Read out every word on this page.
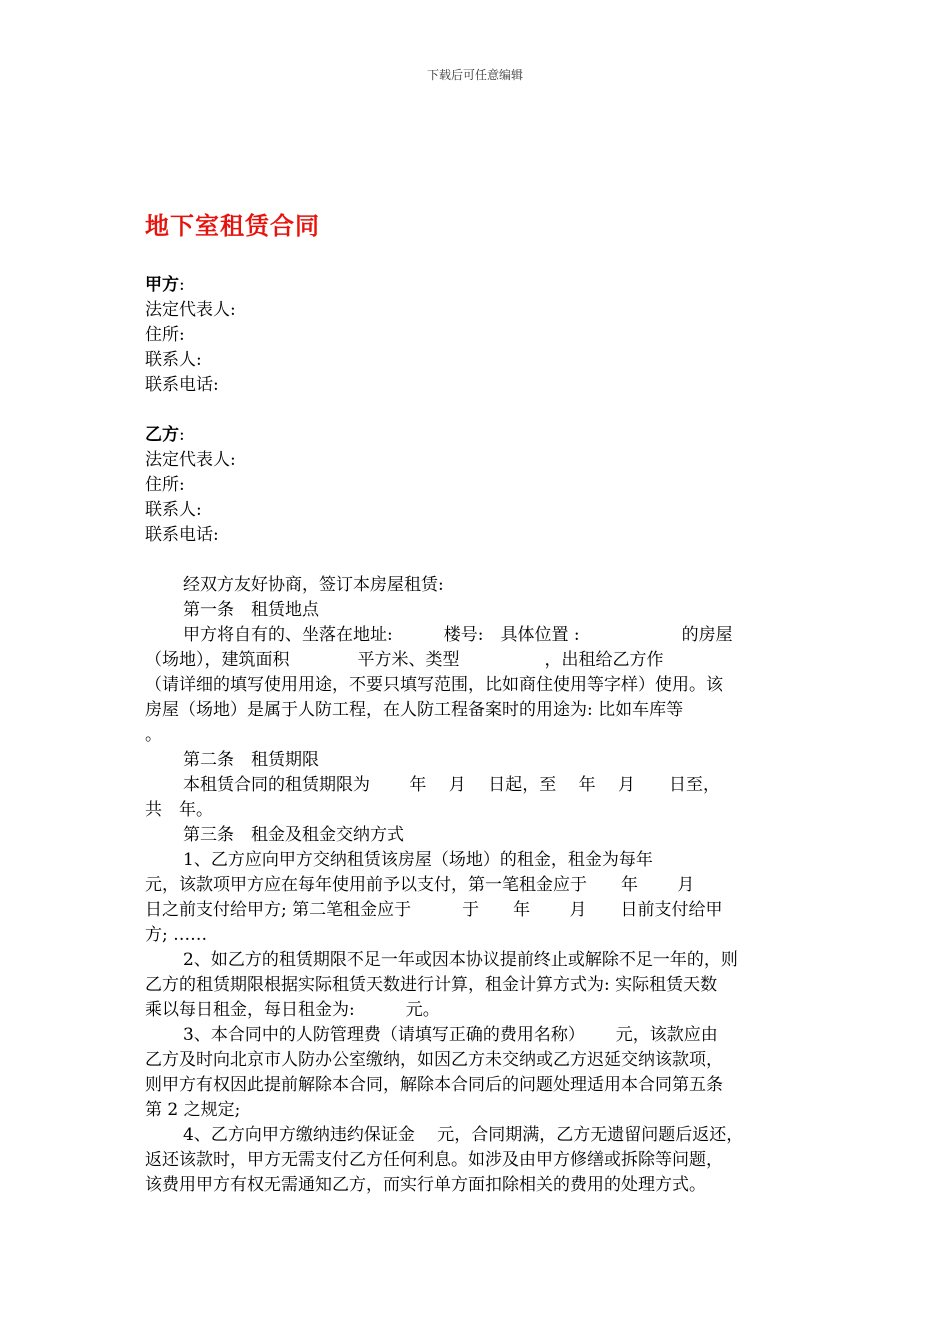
下载后可任意编辑
地下室租赁合同
甲方:
法定代表人:
住所:
联系人:
联系电话:
乙方:
法定代表人:
住所:
联系人:
联系电话:
经双方友好协商，签订本房屋租赁:
第一条　租赁地点
甲方将自有的、坐落在地址:　　　楼号:　具体位置 :　　　　　　的房屋
（场地），建筑面积　　　　平方米、类型　　　　　，出租给乙方作
（请详细的填写使用用途，不要只填写范围，比如商住使用等字样）使用。该
房屋（场地）是属于人防工程，在人防工程备案时的用途为: 比如车库等
。
第二条　租赁期限
本租赁合同的租赁期限为　　 年　 月　 日起，至　 年　 月　　日至，
共　年。
第三条　租金及租金交纳方式
1、乙方应向甲方交纳租赁该房屋（场地）的租金，租金为每年
元，该款项甲方应在每年使用前予以支付，第一笔租金应于　　年　　 月
日之前支付给甲方; 第二笔租金应于　　　于　　年　　 月　　日前支付给甲
方; ……
2、如乙方的租赁期限不足一年或因本协议提前终止或解除不足一年的，则
乙方的租赁期限根据实际租赁天数进行计算，租金计算方式为: 实际租赁天数
乘以每日租金，每日租金为:　　　元。
3、本合同中的人防管理费（请填写正确的费用名称）　　 元，该款应由
乙方及时向北京市人防办公室缴纳，如因乙方未交纳或乙方迟延交纳该款项，
则甲方有权因此提前解除本合同，解除本合同后的问题处理适用本合同第五条
第 2 之规定;
4、乙方向甲方缴纳违约保证金　 元，合同期满，乙方无遗留问题后返还，
返还该款时，甲方无需支付乙方任何利息。如涉及由甲方修缮或拆除等问题，
该费用甲方有权无需通知乙方，而实行单方面扣除相关的费用的处理方式。
